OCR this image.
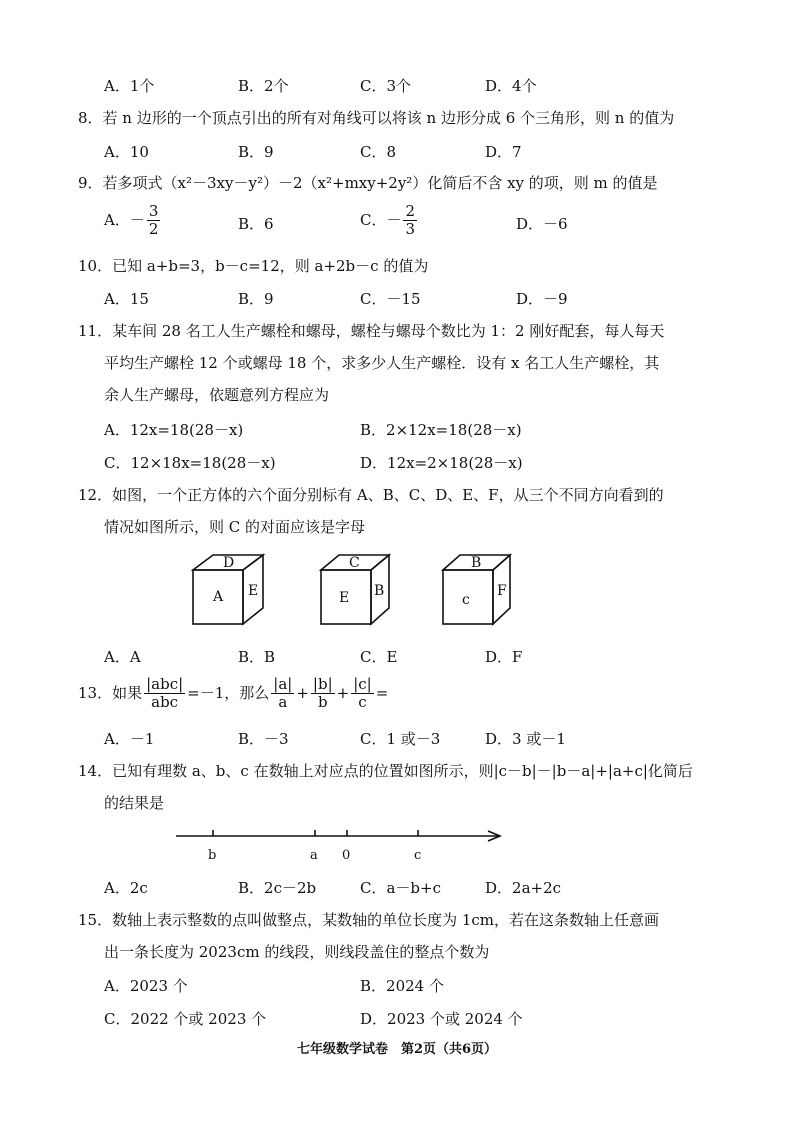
A．1个	B．2个	C．3个	D．4个
8．若 n 边形的一个顶点引出的所有对角线可以将该 n 边形分成 6 个三角形，则 n 的值为
A．10	B．9	C．8	D．7
9．若多项式（x²－3xy－y²）－2（x²+mxy+2y²）化简后不含 xy 的项，则 m 的值是
A．－ $\frac{3}{2}$	B．6	C．－ $\frac{2}{3}$	D．－6
10．已知 a+b=3，b－c=12，则 a+2b－c 的值为
A．15	B．9	C．－15	D．－9
11．某车间 28 名工人生产螺栓和螺母，螺栓与螺母个数比为 1：2 刚好配套，每人每天
平均生产螺栓 12 个或螺母 18 个，求多少人生产螺栓．设有 x 名工人生产螺栓，其
余人生产螺母，依题意列方程应为
A．12x=18(28－x)	B．2×12x=18(28－x)
C．12×18x=18(28－x)	D．12x=2×18(28－x)
12．如图，一个正方体的六个面分别标有 A、B、C、D、E、F，从三个不同方向看到的
情况如图所示，则 C 的对面应该是字母
D
A E
C
E B
B
c
F
A．A	B．B	C．E	D．F
13．如果 $\frac{\text{|abc|}}{\text{abc}} =-1$，那么 $\frac{|a|}{a} + \frac{|b|}{b} + \frac{|c|}{c}$ =
A．－1	B．－3	C．1 或－3	D．3 或－1
14．已知有理数 a、b、c 在数轴上对应点的位置如图所示，则|c－b|－|b－a|+|a+c|化简后
的结果是
b	a 0	c
A．2c	B．2c－2b	C．a－b+c	D．2a+2c
15．数轴上表示整数的点叫做整点，某数轴的单位长度为 1cm，若在这条数轴上任意画
出一条长度为 2023cm 的线段，则线段盖住的整点个数为
A．2023 个	B．2024 个
C．2022 个或 2023 个	D．2023 个或 2024 个
七年级数学试卷　第2页（共6页）
